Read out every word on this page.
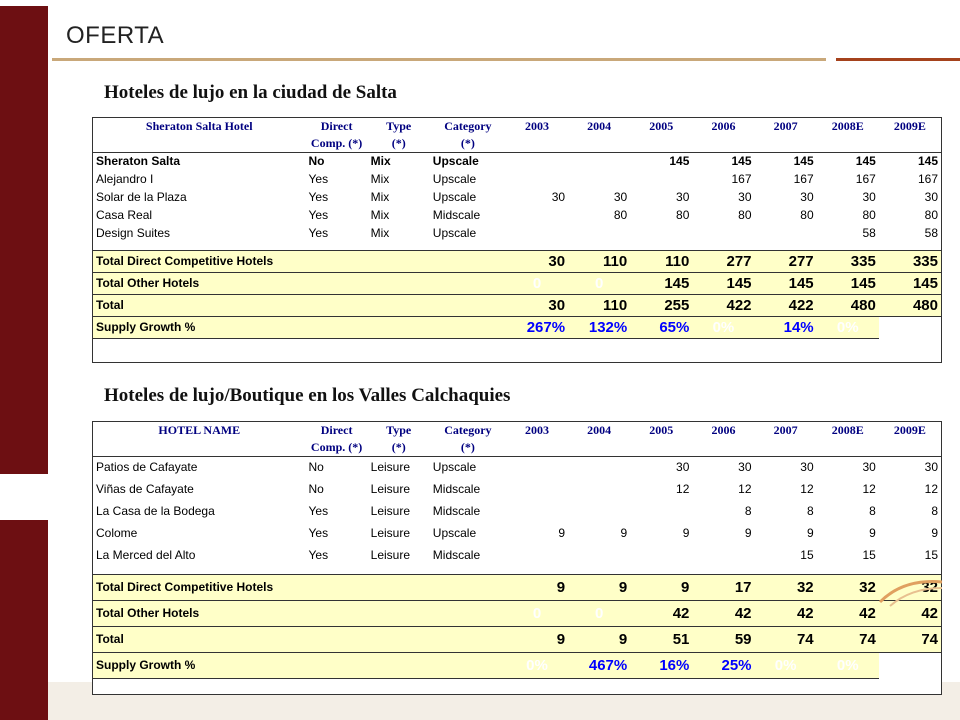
OFERTA
Hoteles de lujo en la ciudad de Salta
Sheraton Salta Hotel	Direct	Type	Category	2003	2004	2005	2006	2007	2008E	2009E
	Comp. (*)	(*)	(*)							
Sheraton Salta	No	Mix	Upscale			145	145	145	145	145
Alejandro I	Yes	Mix	Upscale				167	167	167	167
Solar de la Plaza	Yes	Mix	Upscale	30	30	30	30	30	30	30
Casa Real	Yes	Mix	Midscale		80	80	80	80	80	80
Design Suites	Yes	Mix	Upscale						58	58

Total Direct Competitive Hotels				30	110	110	277	277	335	335
Total Other Hotels				0	0	145	145	145	145	145
Total				30	110	255	422	422	480	480
Supply Growth %				267%	132%	65%	0%	14%	0%	
Hoteles de lujo/Boutique en los Valles Calchaquies
HOTEL NAME	Direct	Type	Category	2003	2004	2005	2006	2007	2008E	2009E
	Comp. (*)	(*)	(*)							
Patios de Cafayate	No	Leisure	Upscale			30	30	30	30	30
Viñas de Cafayate	No	Leisure	Midscale			12	12	12	12	12
La Casa de la Bodega	Yes	Leisure	Midscale				8	8	8	8
Colome	Yes	Leisure	Upscale	9	9	9	9	9	9	9
La Merced del Alto	Yes	Leisure	Midscale					15	15	15

Total Direct Competitive Hotels				9	9	9	17	32	32	32
Total Other Hotels				0	0	42	42	42	42	42
Total				9	9	51	59	74	74	74
Supply Growth %				0%	467%	16%	25%	0%	0%	
